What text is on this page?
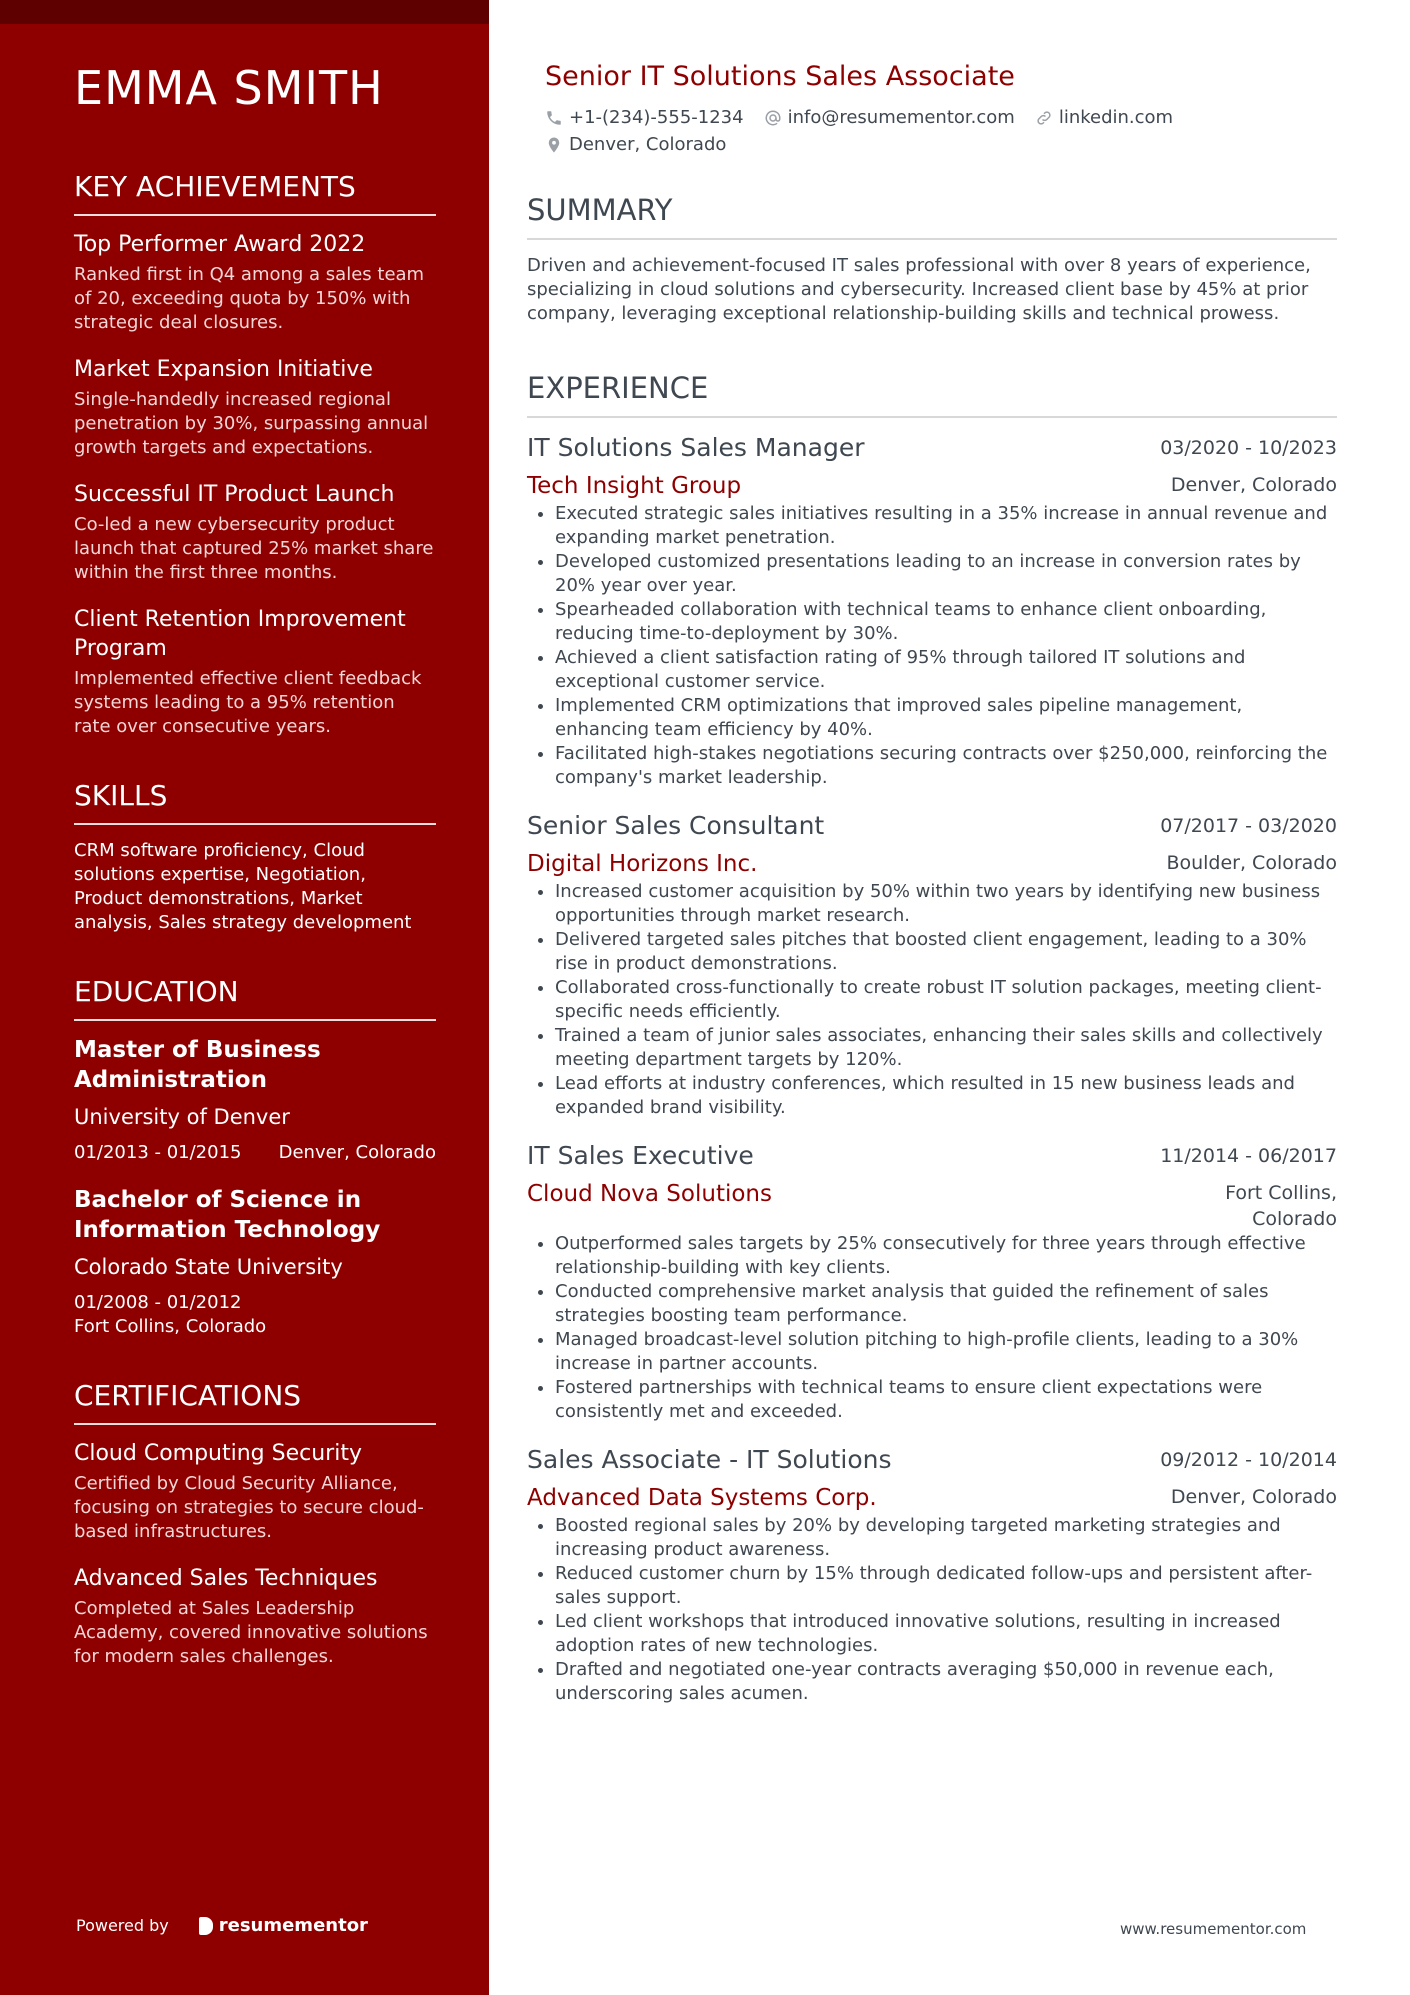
EMMA SMITH
KEY ACHIEVEMENTS
Top Performer Award 2022
Ranked first in Q4 among a sales team of 20, exceeding quota by 150% with strategic deal closures.
Market Expansion Initiative
Single-handedly increased regional penetration by 30%, surpassing annual growth targets and expectations.
Successful IT Product Launch
Co-led a new cybersecurity product launch that captured 25% market share within the first three months.
Client Retention Improvement Program
Implemented effective client feedback systems leading to a 95% retention rate over consecutive years.
SKILLS
CRM software proficiency, Cloud solutions expertise, Negotiation, Product demonstrations, Market analysis, Sales strategy development
EDUCATION
Master of Business Administration
University of Denver
01/2013 - 01/2015 Denver, Colorado
Bachelor of Science in Information Technology
Colorado State University
01/2008 - 01/2012
Fort Collins, Colorado
CERTIFICATIONS
Cloud Computing Security
Certified by Cloud Security Alliance, focusing on strategies to secure cloud-based infrastructures.
Advanced Sales Techniques
Completed at Sales Leadership Academy, covered innovative solutions for modern sales challenges.
Powered by	resumementor
Senior IT Solutions Sales Associate
+1-(234)-555-1234 info@resumementor.com linkedin.com
Denver, Colorado
SUMMARY
Driven and achievement-focused IT sales professional with over 8 years of experience, specializing in cloud solutions and cybersecurity. Increased client base by 45% at prior company, leveraging exceptional relationship-building skills and technical prowess.
EXPERIENCE
IT Solutions Sales Manager	03/2020 - 10/2023
Tech Insight Group	Denver, Colorado
• Executed strategic sales initiatives resulting in a 35% increase in annual revenue and expanding market penetration.
• Developed customized presentations leading to an increase in conversion rates by 20% year over year.
• Spearheaded collaboration with technical teams to enhance client onboarding, reducing time-to-deployment by 30%.
• Achieved a client satisfaction rating of 95% through tailored IT solutions and exceptional customer service.
• Implemented CRM optimizations that improved sales pipeline management, enhancing team efficiency by 40%.
• Facilitated high-stakes negotiations securing contracts over $250,000, reinforcing the company's market leadership.
Senior Sales Consultant	07/2017 - 03/2020
Digital Horizons Inc.	Boulder, Colorado
• Increased customer acquisition by 50% within two years by identifying new business opportunities through market research.
• Delivered targeted sales pitches that boosted client engagement, leading to a 30% rise in product demonstrations.
• Collaborated cross-functionally to create robust IT solution packages, meeting client-specific needs efficiently.
• Trained a team of junior sales associates, enhancing their sales skills and collectively meeting department targets by 120%.
• Lead efforts at industry conferences, which resulted in 15 new business leads and expanded brand visibility.
IT Sales Executive	11/2014 - 06/2017
Cloud Nova Solutions	Fort Collins, Colorado
• Outperformed sales targets by 25% consecutively for three years through effective relationship-building with key clients.
• Conducted comprehensive market analysis that guided the refinement of sales strategies boosting team performance.
• Managed broadcast-level solution pitching to high-profile clients, leading to a 30% increase in partner accounts.
• Fostered partnerships with technical teams to ensure client expectations were consistently met and exceeded.
Sales Associate - IT Solutions	09/2012 - 10/2014
Advanced Data Systems Corp.	Denver, Colorado
• Boosted regional sales by 20% by developing targeted marketing strategies and increasing product awareness.
• Reduced customer churn by 15% through dedicated follow-ups and persistent after-sales support.
• Led client workshops that introduced innovative solutions, resulting in increased adoption rates of new technologies.
• Drafted and negotiated one-year contracts averaging $50,000 in revenue each, underscoring sales acumen.
www.resumementor.com
